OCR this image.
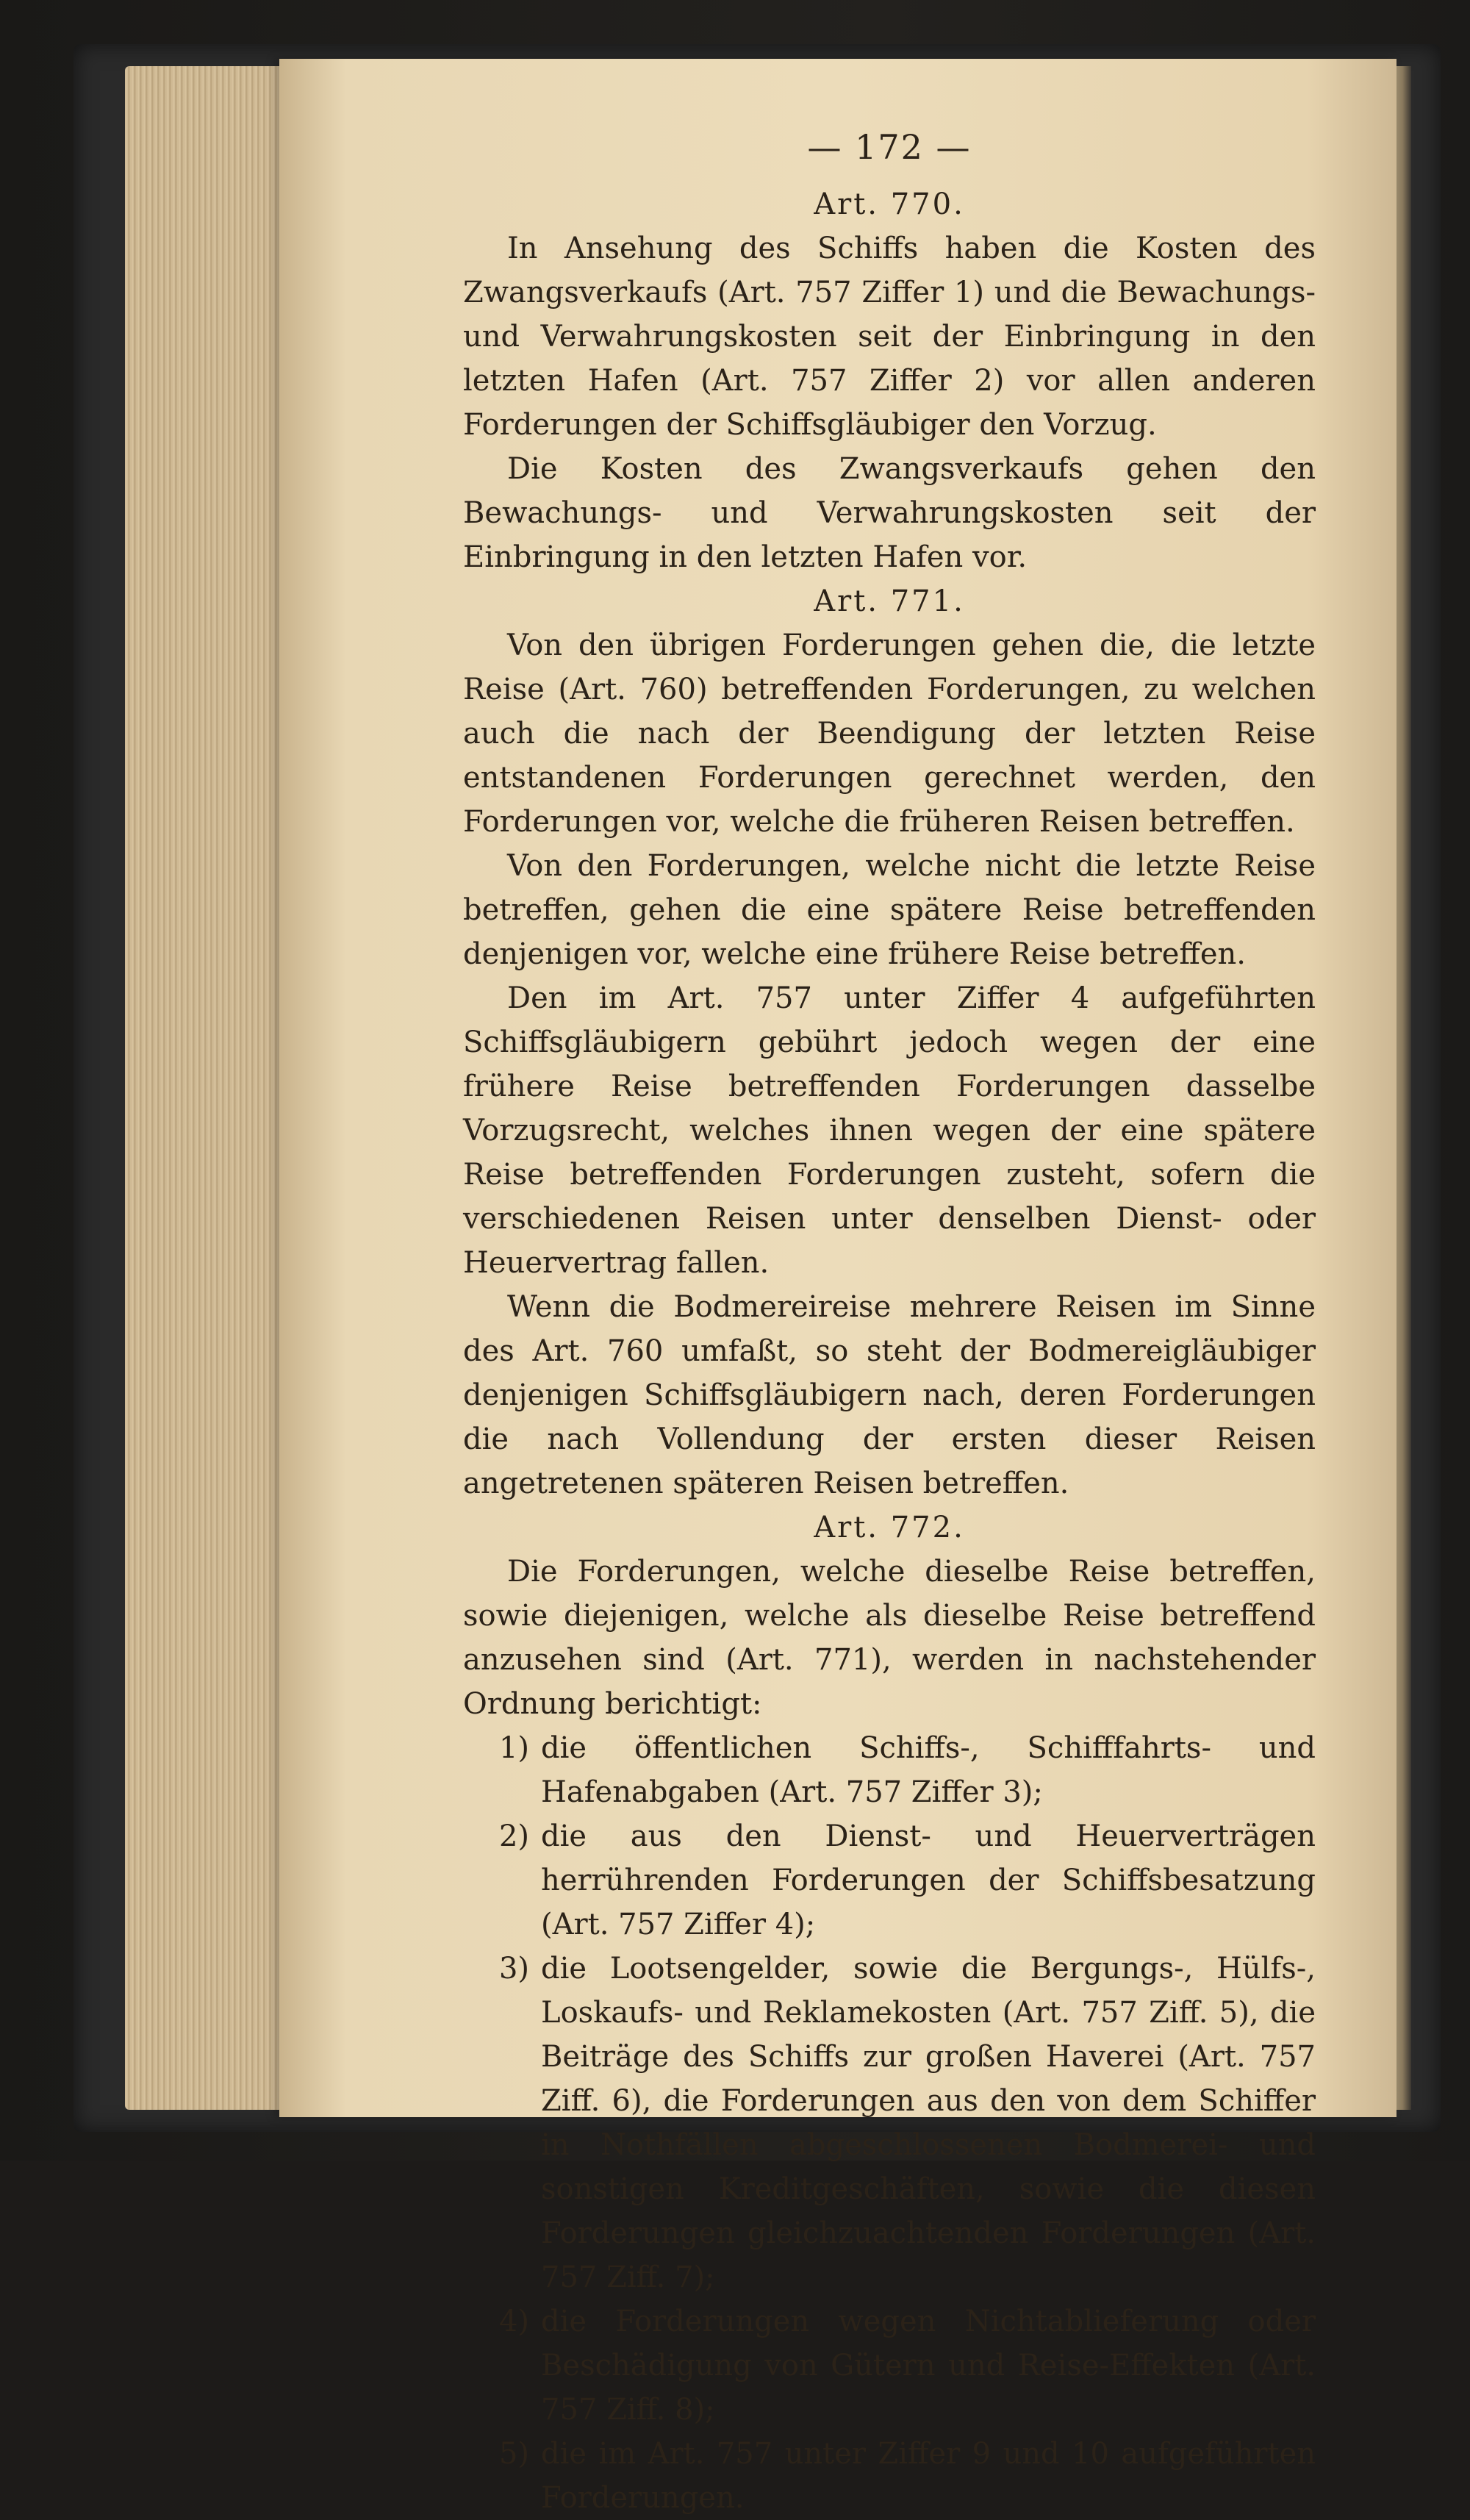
— 172 —
Art. 770.

In Ansehung des Schiffs haben die Kosten des Zwangsverkaufs (Art. 757 Ziffer 1) und die Bewachungs- und Verwahrungskosten seit der Einbringung in den letzten Hafen (Art. 757 Ziffer 2) vor allen anderen Forderungen der Schiffsgläubiger den Vorzug.

Die Kosten des Zwangsverkaufs gehen den Bewachungs- und Verwahrungskosten seit der Einbringung in den letzten Hafen vor.

Art. 771.

Von den übrigen Forderungen gehen die, die letzte Reise (Art. 760) betreffenden Forderungen, zu welchen auch die nach der Beendigung der letzten Reise entstandenen Forderungen gerechnet werden, den Forderungen vor, welche die früheren Reisen betreffen.

Von den Forderungen, welche nicht die letzte Reise betreffen, gehen die eine spätere Reise betreffenden denjenigen vor, welche eine frühere Reise betreffen.

Den im Art. 757 unter Ziffer 4 aufgeführten Schiffsgläubigern gebührt jedoch wegen der eine frühere Reise betreffenden Forderungen dasselbe Vorzugsrecht, welches ihnen wegen der eine spätere Reise betreffenden Forderungen zusteht, sofern die verschiedenen Reisen unter denselben Dienst- oder Heuervertrag fallen.

Wenn die Bodmereireise mehrere Reisen im Sinne des Art. 760 umfaßt, so steht der Bodmereigläubiger denjenigen Schiffsgläubigern nach, deren Forderungen die nach Vollendung der ersten dieser Reisen angetretenen späteren Reisen betreffen.

Art. 772.

Die Forderungen, welche dieselbe Reise betreffen, sowie diejenigen, welche als dieselbe Reise betreffend anzusehen sind (Art. 771), werden in nachstehender Ordnung berichtigt:

1) die öffentlichen Schiffs-, Schifffahrts- und Hafenabgaben (Art. 757 Ziffer 3);
2) die aus den Dienst- und Heuerverträgen herrührenden Forderungen der Schiffsbesatzung (Art. 757 Ziffer 4);
3) die Lootsengelder, sowie die Bergungs-, Hülfs-, Loskaufs- und Reklamekosten (Art. 757 Ziff. 5), die Beiträge des Schiffs zur großen Haverei (Art. 757 Ziff. 6), die Forderungen aus den von dem Schiffer in Nothfällen abgeschlossenen Bodmerei- und sonstigen Kreditgeschäften, sowie die diesen Forderungen gleichzuachtenden Forderungen (Art. 757 Ziff. 7);
4) die Forderungen wegen Nichtablieferung oder Beschädigung von Gütern und Reise-Effekten (Art. 757 Ziff. 8);
5) die im Art. 757 unter Ziffer 9 und 10 aufgeführten Forderungen.
